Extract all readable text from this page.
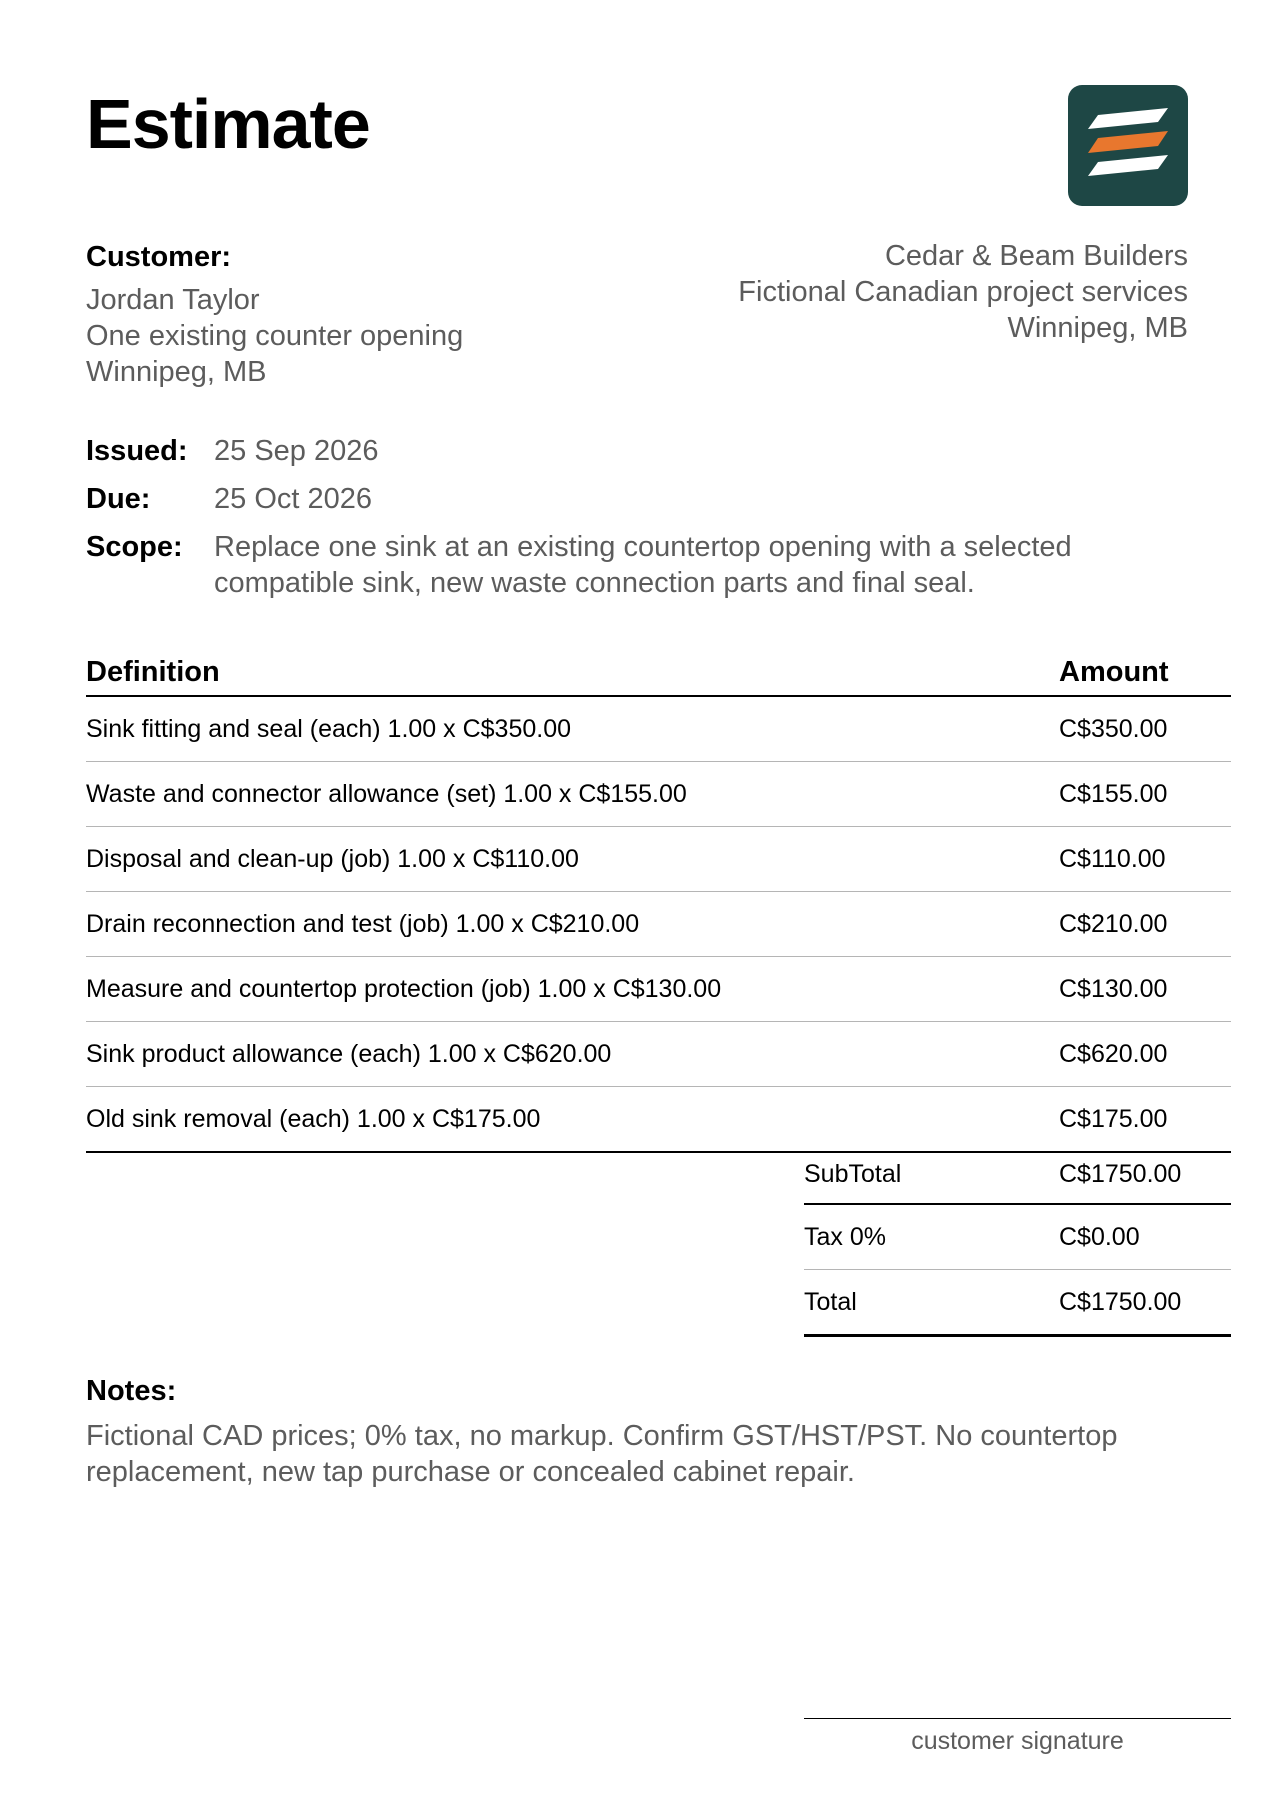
Estimate
Customer:
Jordan Taylor
One existing counter opening
Winnipeg, MB
Cedar & Beam Builders
Fictional Canadian project services
Winnipeg, MB
Issued: 25 Sep 2026
Due:	25 Oct 2026
Scope:	Replace one sink at an existing countertop opening with a selected compatible sink, new waste connection parts and final seal.
Definition	Amount
Sink fitting and seal (each) 1.00 x C$350.00	C$350.00
Waste and connector allowance (set) 1.00 x C$155.00	C$155.00
Disposal and clean-up (job) 1.00 x C$110.00	C$110.00
Drain reconnection and test (job) 1.00 x C$210.00	C$210.00
Measure and countertop protection (job) 1.00 x C$130.00	C$130.00
Sink product allowance (each) 1.00 x C$620.00	C$620.00
Old sink removal (each) 1.00 x C$175.00	C$175.00
SubTotal	C$1750.00
Tax 0%	C$0.00
Total	C$1750.00
Notes:
Fictional CAD prices; 0% tax, no markup. Confirm GST/HST/PST. No countertop replacement, new tap purchase or concealed cabinet repair.
customer signature
